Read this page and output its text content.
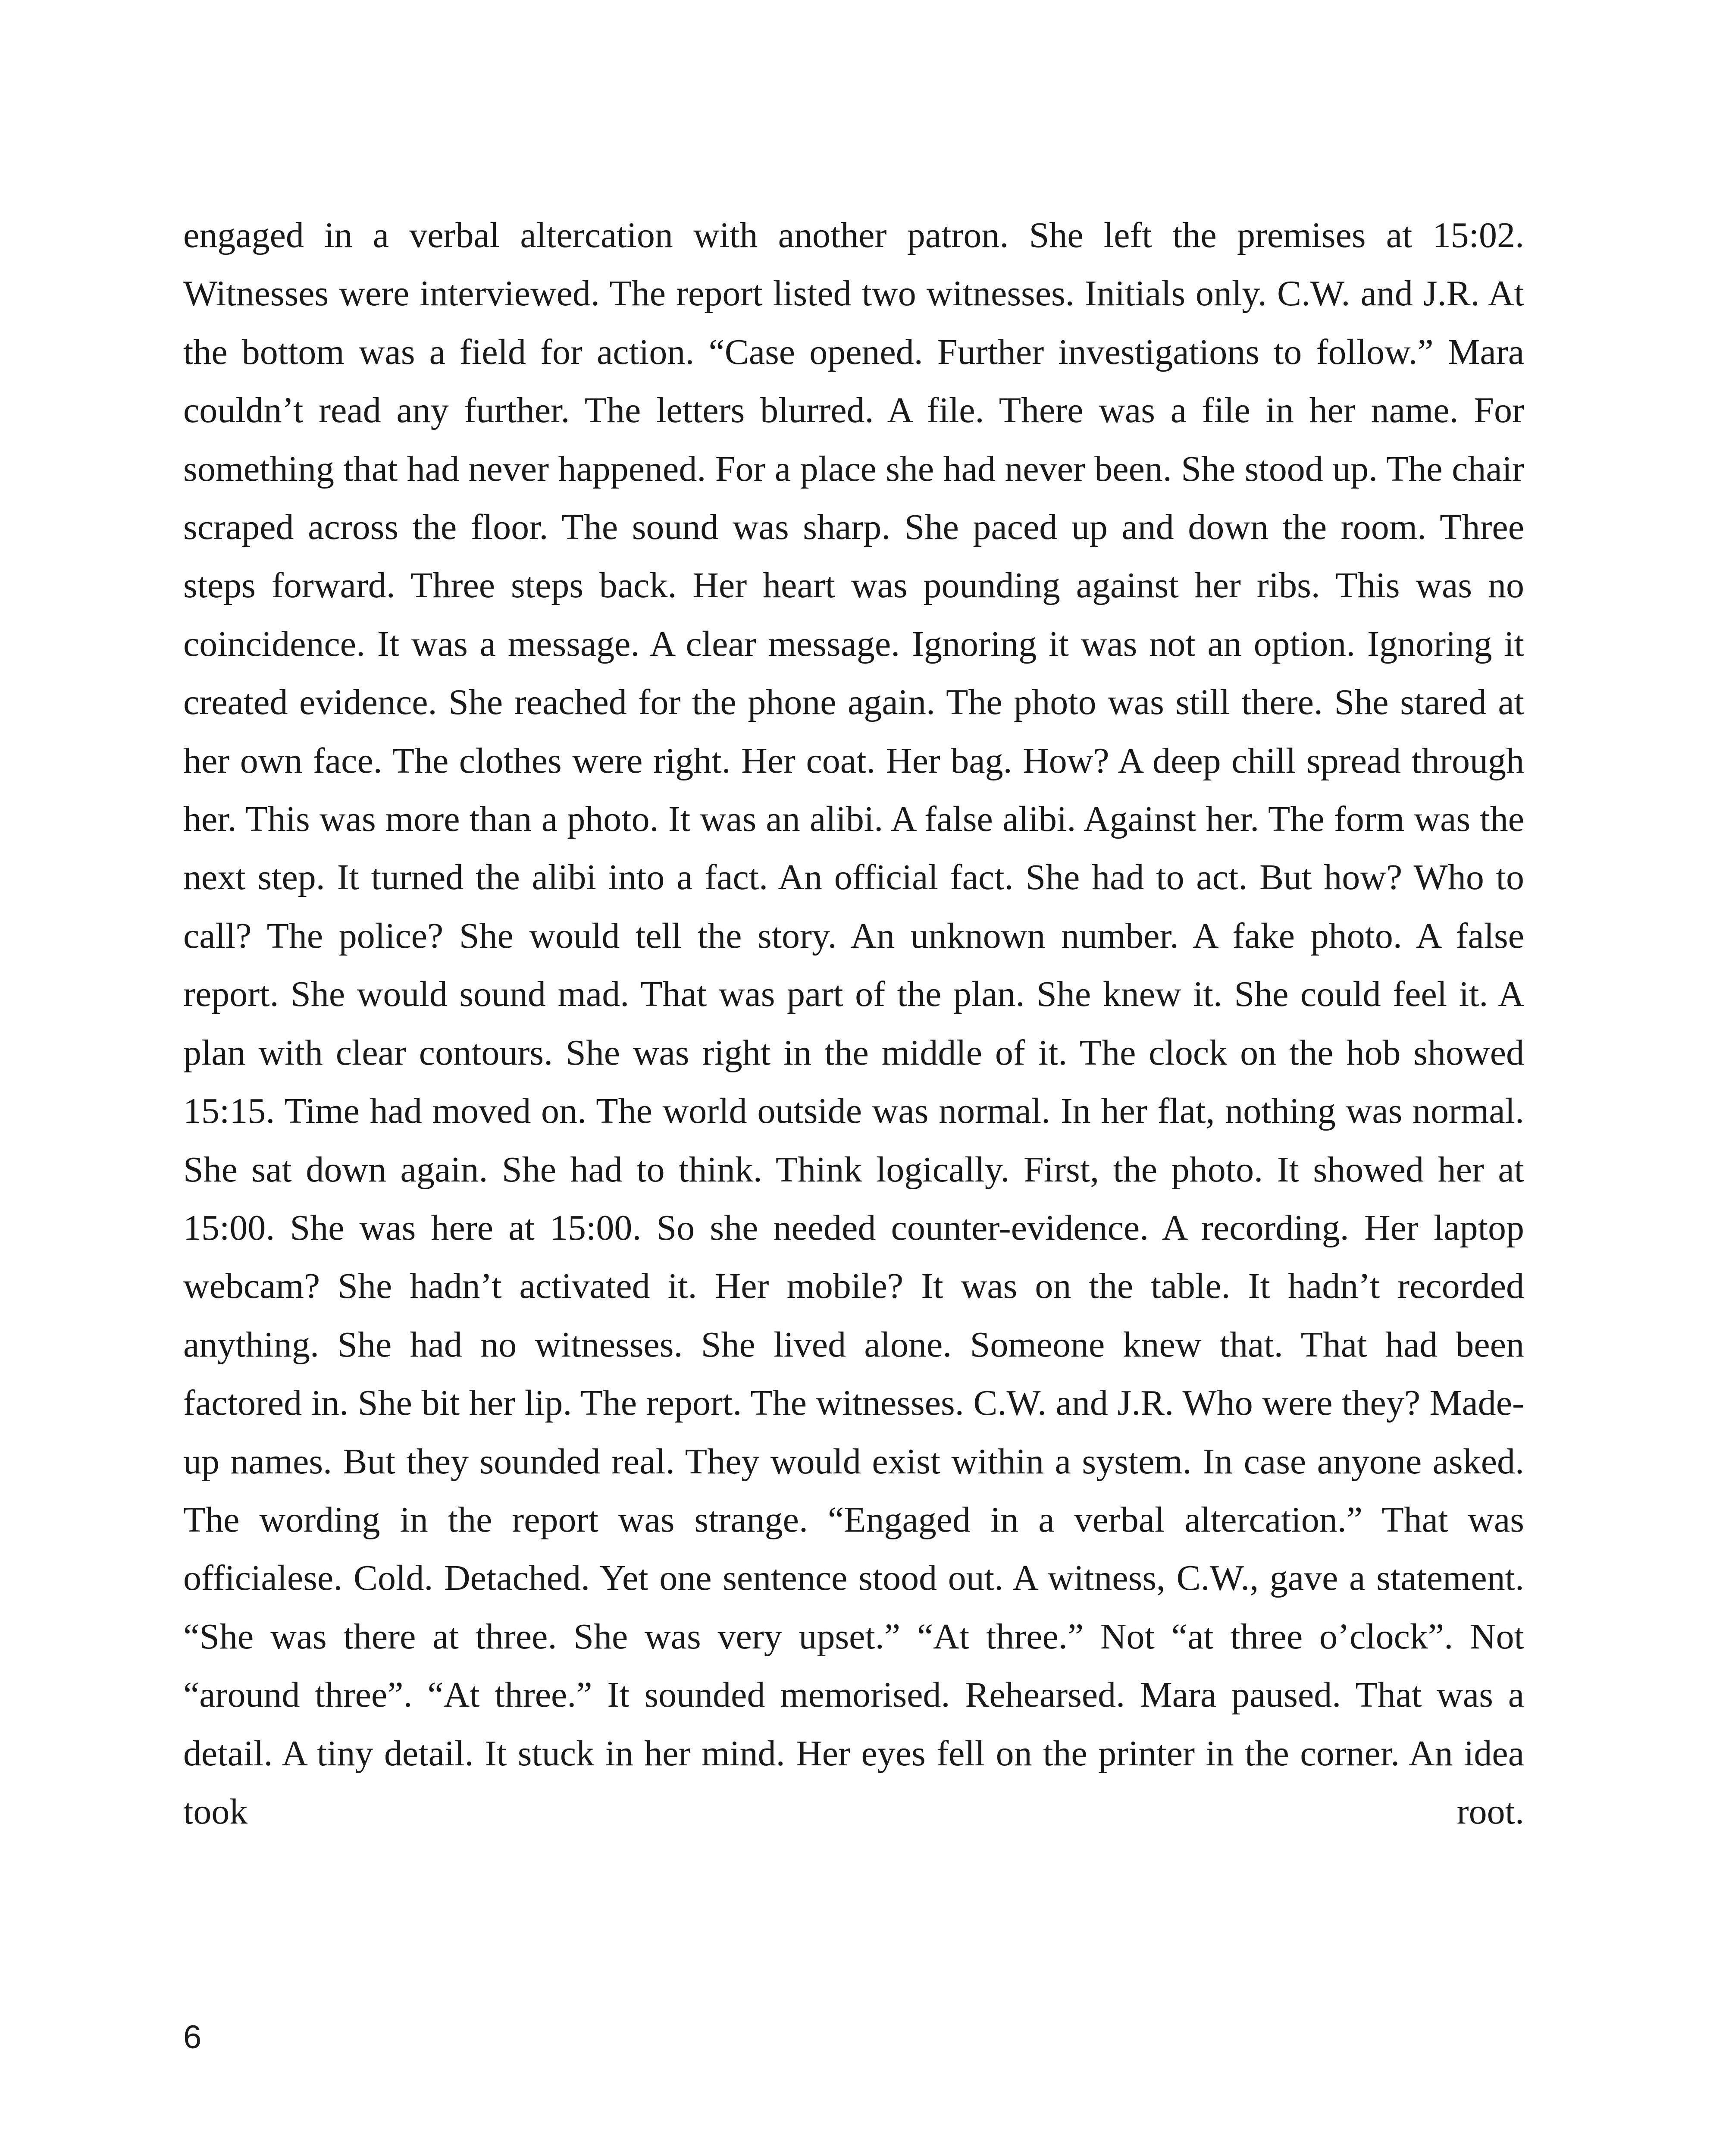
engaged in a verbal altercation with another patron. She left the premises at 15:02. Witnesses were interviewed. The report listed two witnesses. Initials only. C.W. and J.R. At the bottom was a field for action. “Case opened. Further investigations to follow.” Mara couldn’t read any further. The letters blurred. A file. There was a file in her name. For something that had never happened. For a place she had never been. She stood up. The chair scraped across the floor. The sound was sharp. She paced up and down the room. Three steps forward. Three steps back. Her heart was pounding against her ribs. This was no coincidence. It was a message. A clear message. Ignoring it was not an option. Ignoring it created evidence. She reached for the phone again. The photo was still there. She stared at her own face. The clothes were right. Her coat. Her bag. How? A deep chill spread through her. This was more than a photo. It was an alibi. A false alibi. Against her. The form was the next step. It turned the alibi into a fact. An official fact. She had to act. But how? Who to call? The police? She would tell the story. An unknown number. A fake photo. A false report. She would sound mad. That was part of the plan. She knew it. She could feel it. A plan with clear contours. She was right in the middle of it. The clock on the hob showed 15:15. Time had moved on. The world outside was normal. In her flat, nothing was normal. She sat down again. She had to think. Think logically. First, the photo. It showed her at 15:00. She was here at 15:00. So she needed counter-evidence. A recording. Her laptop webcam? She hadn’t activated it. Her mobile? It was on the table. It hadn’t recorded anything. She had no witnesses. She lived alone. Someone knew that. That had been factored in. She bit her lip. The report. The witnesses. C.W. and J.R. Who were they? Made-up names. But they sounded real. They would exist within a system. In case anyone asked. The wording in the report was strange. “Engaged in a verbal altercation.” That was officialese. Cold. Detached. Yet one sentence stood out. A witness, C.W., gave a statement. “She was there at three. She was very upset.” “At three.” Not “at three o’clock”. Not “around three”. “At three.” It sounded memorised. Rehearsed. Mara paused. That was a detail. A tiny detail. It stuck in her mind. Her eyes fell on the printer in the corner. An idea took root.

6
